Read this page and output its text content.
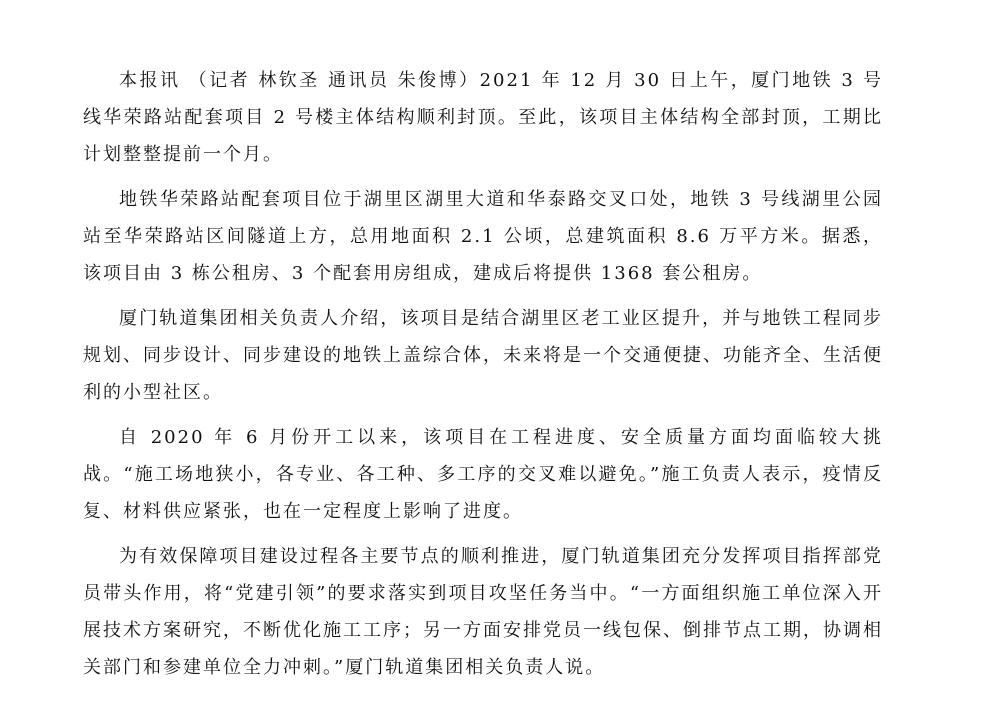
本报讯 （记者 林钦圣 通讯员 朱俊博）2021 年 12 月 30 日上午，厦门地铁 3 号线华荣路站配套项目 2 号楼主体结构顺利封顶。至此，该项目主体结构全部封顶，工期比计划整整提前一个月。

地铁华荣路站配套项目位于湖里区湖里大道和华泰路交叉口处，地铁 3 号线湖里公园站至华荣路站区间隧道上方，总用地面积 2.1 公顷，总建筑面积 8.6 万平方米。据悉，该项目由 3 栋公租房、3 个配套用房组成，建成后将提供 1368 套公租房。

厦门轨道集团相关负责人介绍，该项目是结合湖里区老工业区提升，并与地铁工程同步规划、同步设计、同步建设的地铁上盖综合体，未来将是一个交通便捷、功能齐全、生活便利的小型社区。

自 2020 年 6 月份开工以来，该项目在工程进度、安全质量方面均面临较大挑战。“施工场地狭小，各专业、各工种、多工序的交叉难以避免。”施工负责人表示，疫情反复、材料供应紧张，也在一定程度上影响了进度。

为有效保障项目建设过程各主要节点的顺利推进，厦门轨道集团充分发挥项目指挥部党员带头作用，将“党建引领”的要求落实到项目攻坚任务当中。“一方面组织施工单位深入开展技术方案研究，不断优化施工工序；另一方面安排党员一线包保、倒排节点工期，协调相关部门和参建单位全力冲刺。”厦门轨道集团相关负责人说。
